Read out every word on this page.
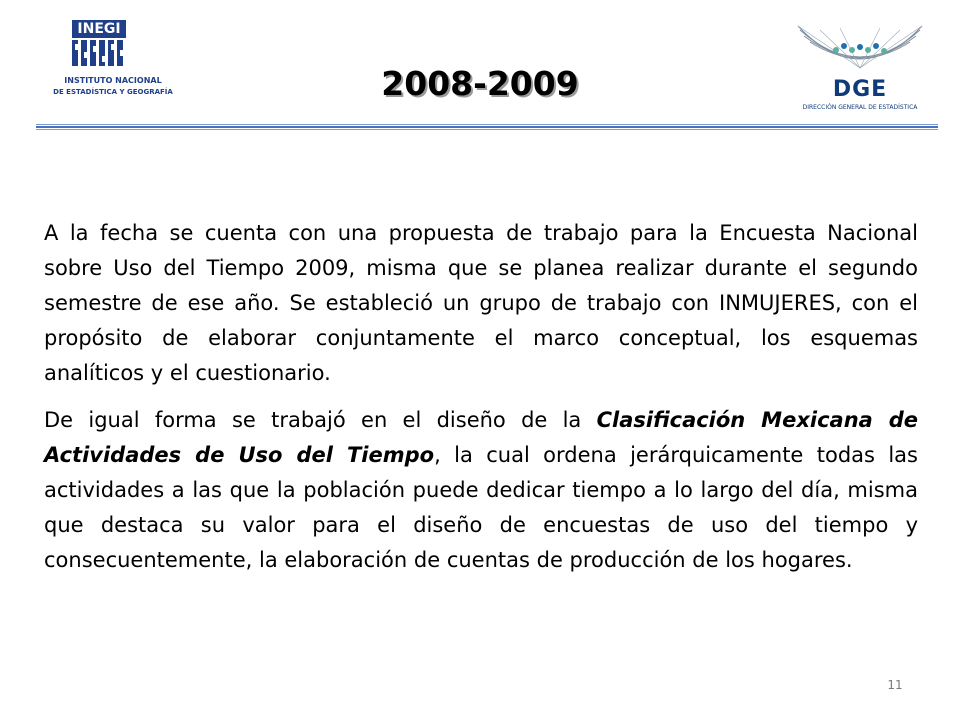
INEGI
INSTITUTO NACIONAL
DE ESTADÍSTICA Y GEOGRAFÍA	2008-2009	DGE
DIRECCIÓN GENERAL DE ESTADÍSTICA

A la fecha se cuenta con una propuesta de trabajo para la Encuesta Nacional sobre Uso del Tiempo 2009, misma que se planea realizar durante el segundo semestre de ese año. Se estableció un grupo de trabajo con INMUJERES, con el propósito de elaborar conjuntamente el marco conceptual, los esquemas analíticos y el cuestionario.

De igual forma se trabajó en el diseño de la Clasificación Mexicana de Actividades de Uso del Tiempo, la cual ordena jerárquicamente todas las actividades a las que la población puede dedicar tiempo a lo largo del día, misma que destaca su valor para el diseño de encuestas de uso del tiempo y consecuentemente, la elaboración de cuentas de producción de los hogares.

11
